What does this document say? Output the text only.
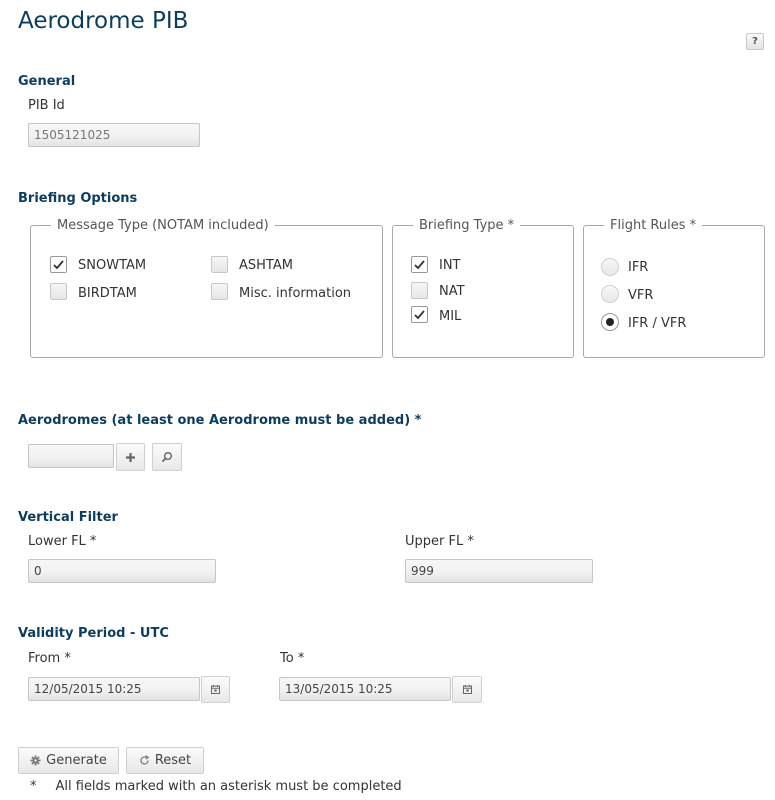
Aerodrome PIB
?
General
PIB Id
1505121025
Briefing Options
Message Type (NOTAM included)
SNOWTAM	ASHTAM
BIRDTAM	Misc. information
Briefing Type *
INT
NAT
MIL
Flight Rules *
IFR
VFR
IFR / VFR
Aerodromes (at least one Aerodrome must be added) *
Vertical Filter
Lower FL *
0
Upper FL *
999
Validity Period - UTC
From *
12/05/2015 10:25
To *
13/05/2015 10:25
Generate	Reset
* All fields marked with an asterisk must be completed
